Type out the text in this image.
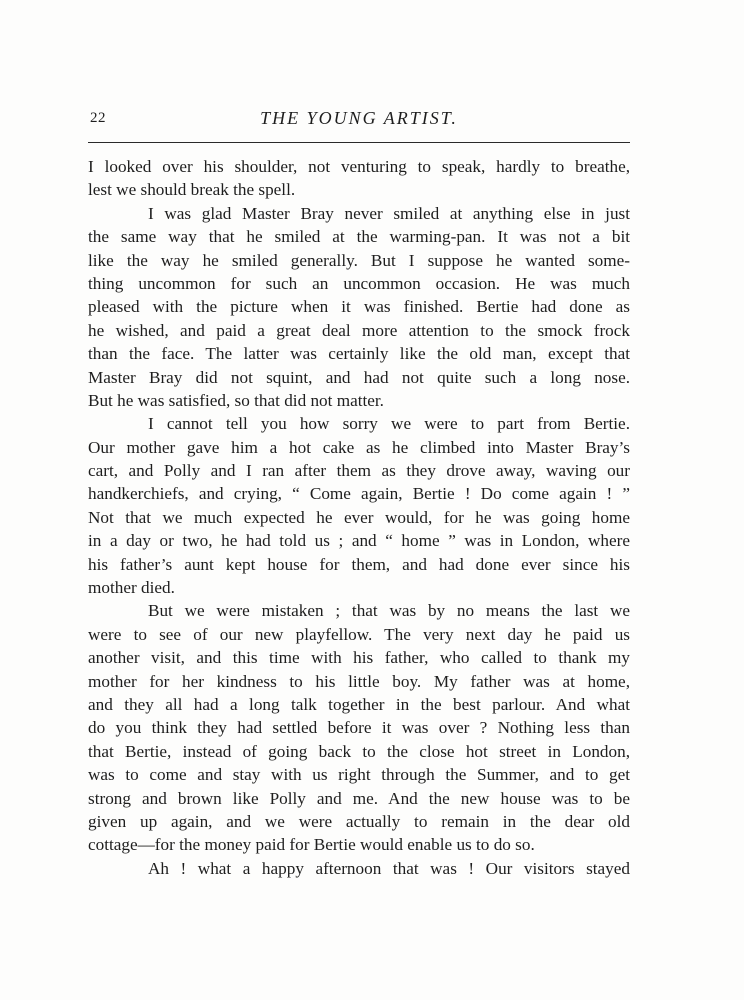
22	THE YOUNG ARTIST.
I looked over his shoulder, not venturing to speak, hardly to breathe,
lest we should break the spell.
I was glad Master Bray never smiled at anything else in just
the same way that he smiled at the warming-pan. It was not a bit
like the way he smiled generally. But I suppose he wanted some-
thing uncommon for such an uncommon occasion. He was much
pleased with the picture when it was finished. Bertie had done as
he wished, and paid a great deal more attention to the smock frock
than the face. The latter was certainly like the old man, except that
Master Bray did not squint, and had not quite such a long nose.
But he was satisfied, so that did not matter.
I cannot tell you how sorry we were to part from Bertie.
Our mother gave him a hot cake as he climbed into Master Bray’s
cart, and Polly and I ran after them as they drove away, waving our
handkerchiefs, and crying, “ Come again, Bertie ! Do come again ! ”
Not that we much expected he ever would, for he was going home
in a day or two, he had told us ; and “ home ” was in London, where
his father’s aunt kept house for them, and had done ever since his
mother died.
But we were mistaken ; that was by no means the last we
were to see of our new playfellow. The very next day he paid us
another visit, and this time with his father, who called to thank my
mother for her kindness to his little boy. My father was at home,
and they all had a long talk together in the best parlour. And what
do you think they had settled before it was over ? Nothing less than
that Bertie, instead of going back to the close hot street in London,
was to come and stay with us right through the Summer, and to get
strong and brown like Polly and me. And the new house was to be
given up again, and we were actually to remain in the dear old
cottage—for the money paid for Bertie would enable us to do so.
Ah ! what a happy afternoon that was ! Our visitors stayed
